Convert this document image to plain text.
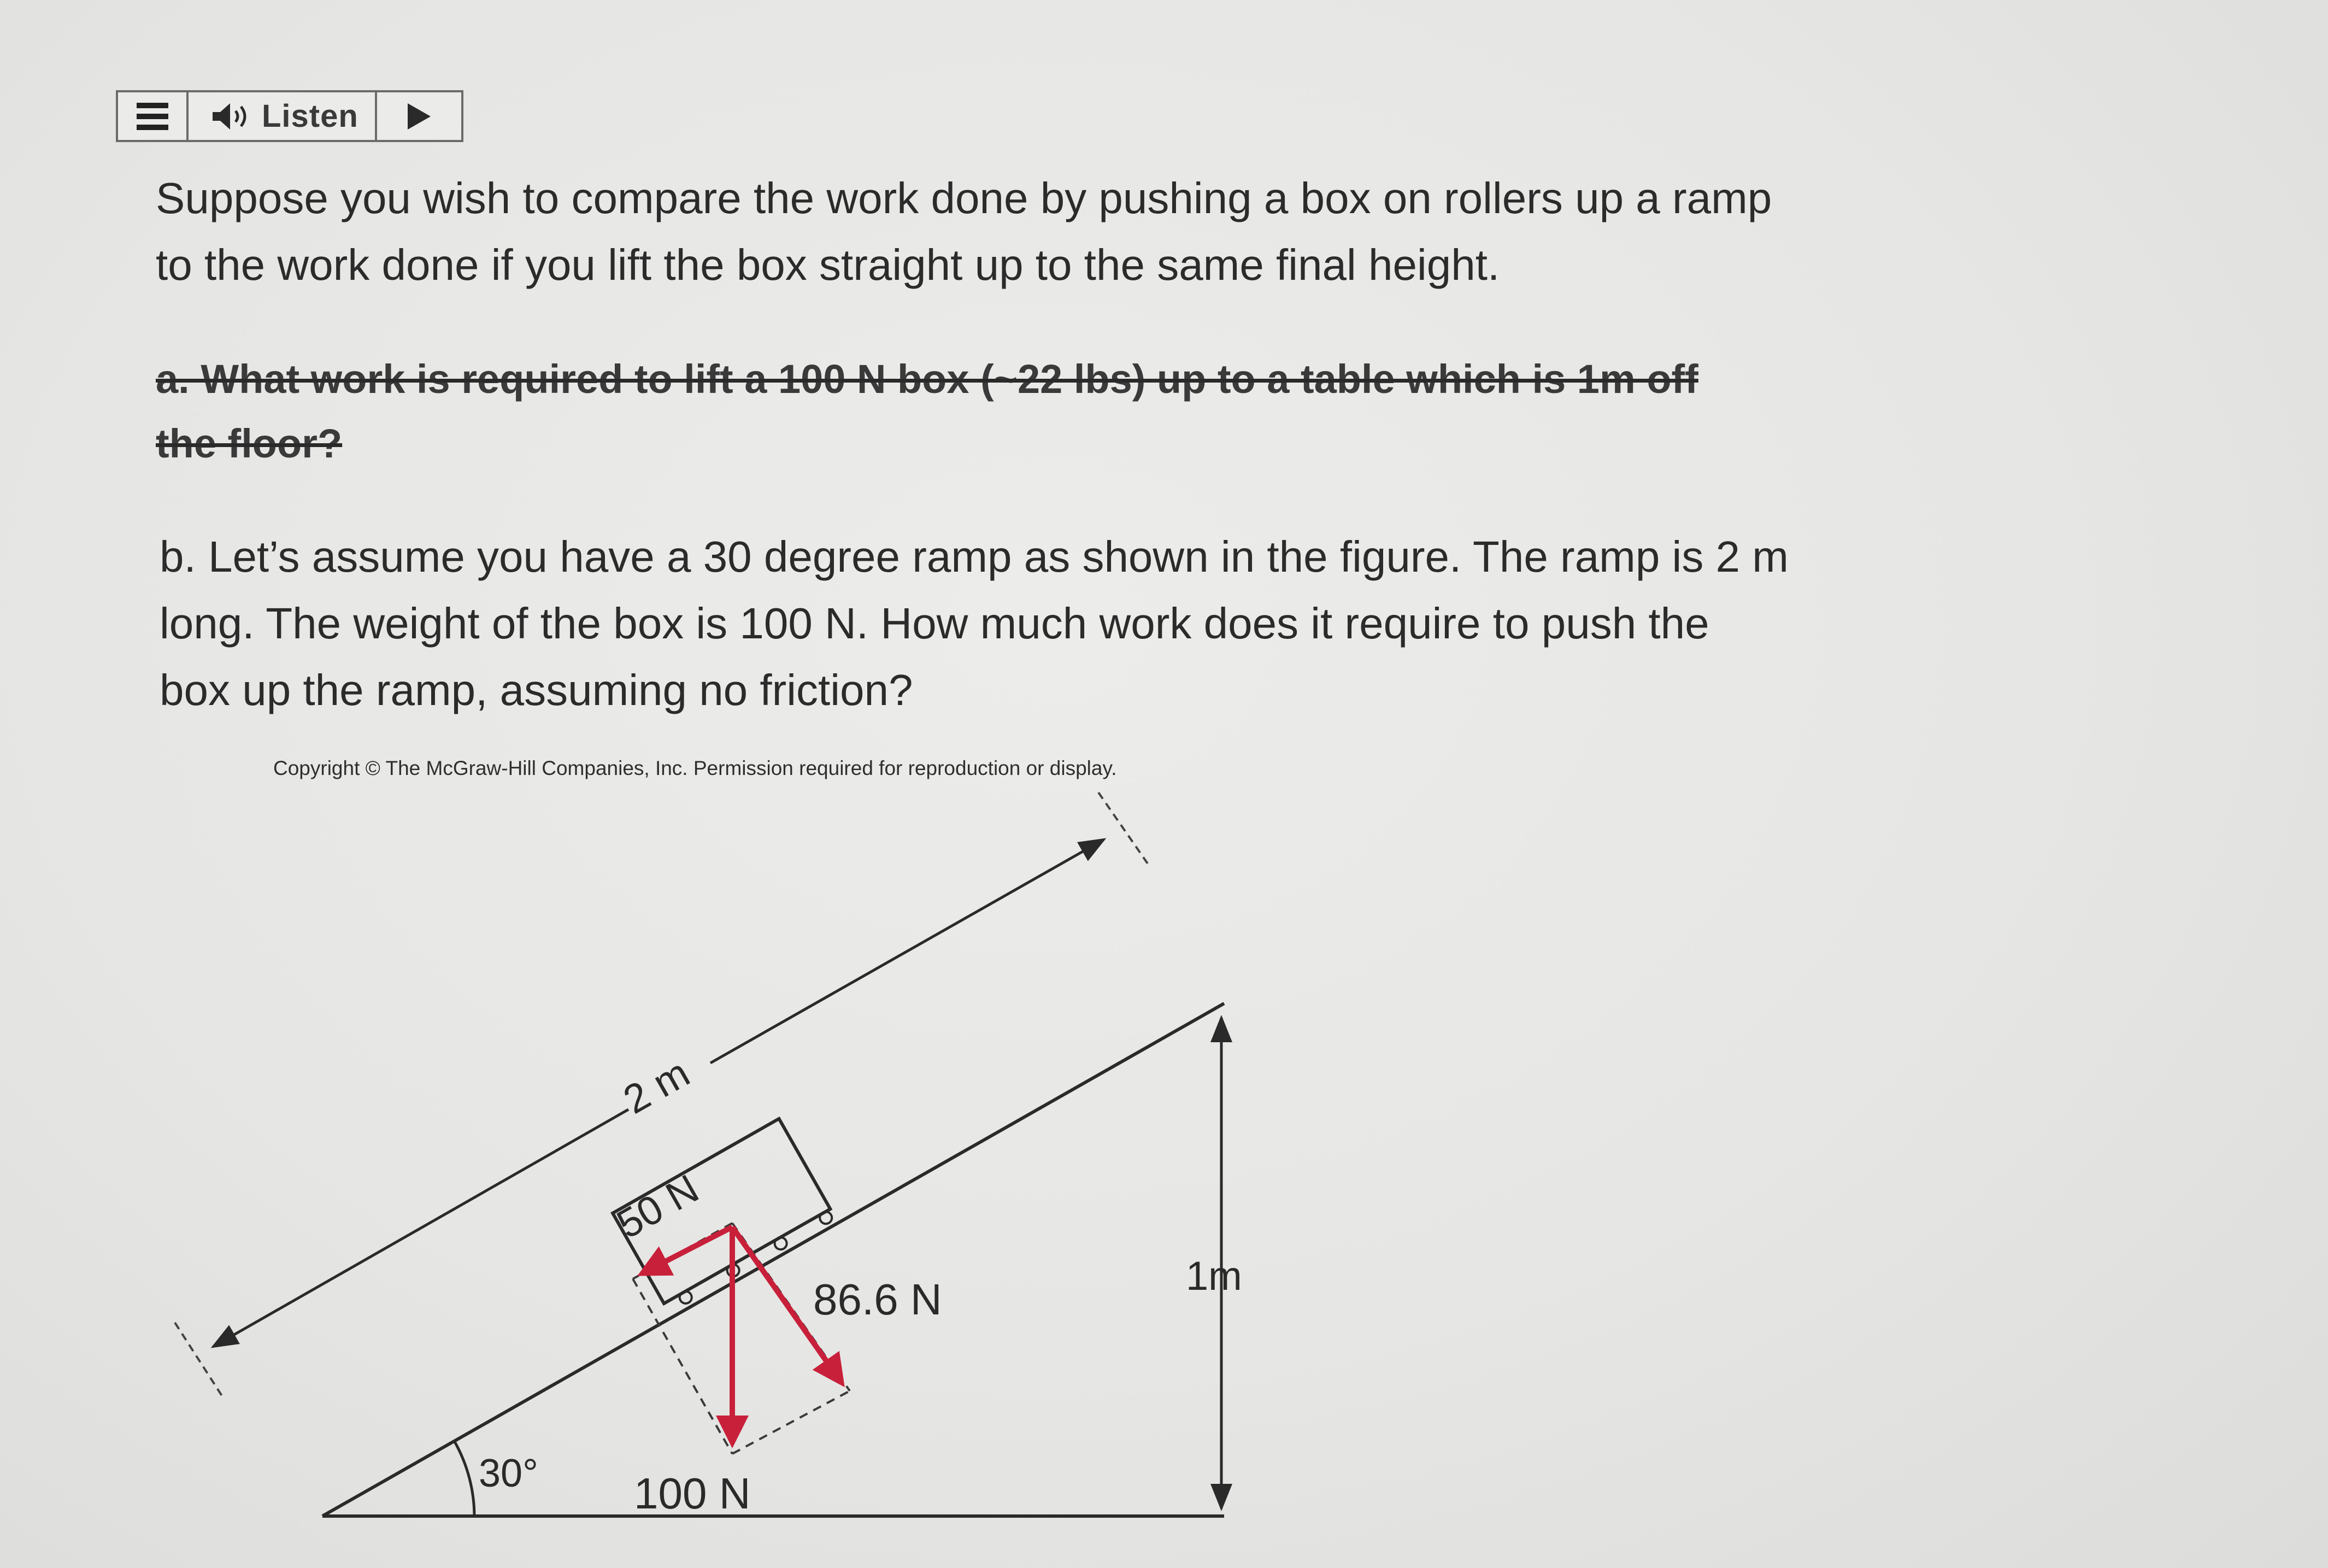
Listen
Suppose you wish to compare the work done by pushing a box on rollers up a ramp
to the work done if you lift the box straight up to the same final height.
a. What work is required to lift a 100 N box (~22 lbs) up to a table which is 1m off
the floor?
b. Let’s assume you have a 30 degree ramp as shown in the figure. The ramp is 2 m
long. The weight of the box is 100 N. How much work does it require to push the
box up the ramp, assuming no friction?
Copyright © The McGraw-Hill Companies, Inc. Permission required for reproduction or display.
2 m
50 N
86.6 N	1m
100 N
30°
